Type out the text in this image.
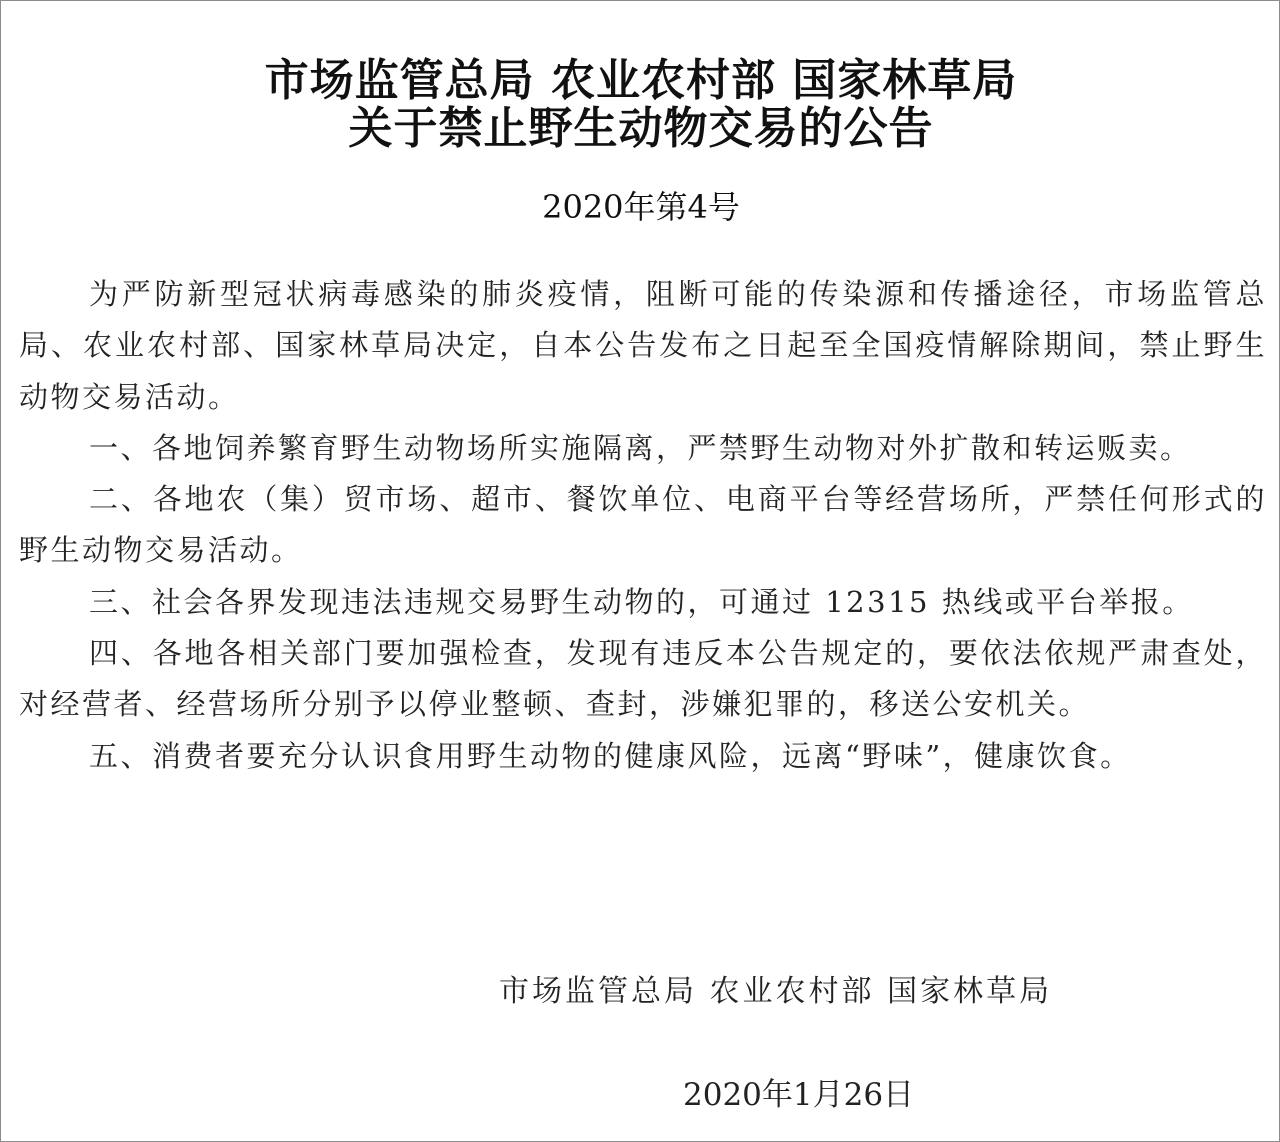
市场监管总局 农业农村部 国家林草局
关于禁止野生动物交易的公告
2020年第4号

为严防新型冠状病毒感染的肺炎疫情，阻断可能的传染源和传播途径，市场监管总局、农业农村部、国家林草局决定，自本公告发布之日起至全国疫情解除期间，禁止野生动物交易活动。

一、各地饲养繁育野生动物场所实施隔离，严禁野生动物对外扩散和转运贩卖。

二、各地农（集）贸市场、超市、餐饮单位、电商平台等经营场所，严禁任何形式的野生动物交易活动。

三、社会各界发现违法违规交易野生动物的，可通过 12315 热线或平台举报。

四、各地各相关部门要加强检查，发现有违反本公告规定的，要依法依规严肃查处，对经营者、经营场所分别予以停业整顿、查封，涉嫌犯罪的，移送公安机关。

五、消费者要充分认识食用野生动物的健康风险，远离“野味”，健康饮食。

市场监管总局 农业农村部 国家林草局
2020年1月26日
